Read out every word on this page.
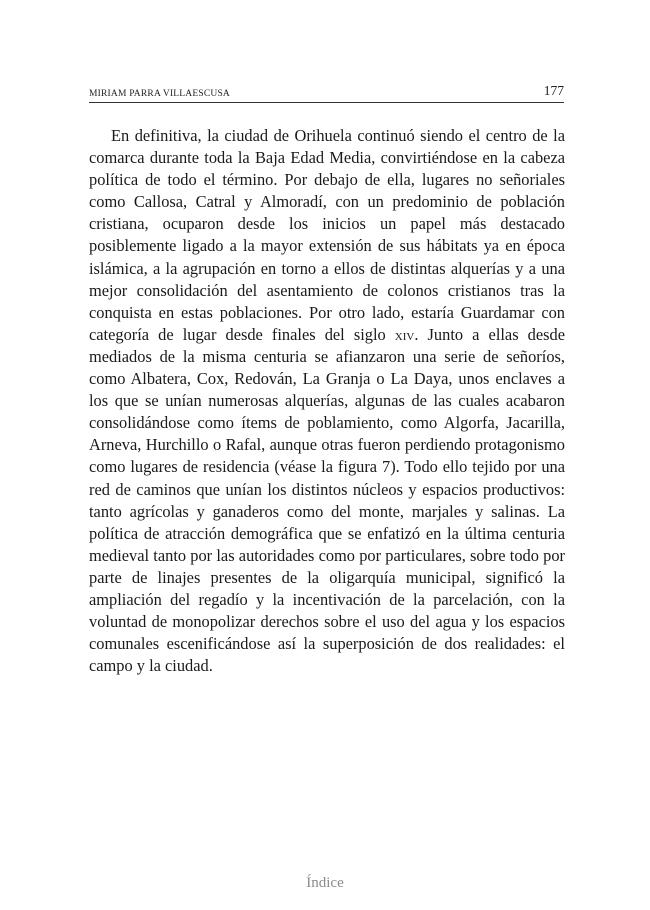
MIRIAM PARRA VILLAESCUSA	177

En definitiva, la ciudad de Orihuela continuó siendo el centro de la comarca durante toda la Baja Edad Media, convirtiéndose en la cabeza política de todo el término. Por debajo de ella, lugares no señoriales como Callosa, Catral y Almoradí, con un predominio de población cristiana, ocuparon desde los inicios un papel más destacado posiblemente ligado a la mayor extensión de sus hábitats ya en época islámica, a la agrupación en torno a ellos de distintas alquerías y a una mejor consolidación del asentamiento de colonos cristianos tras la conquista en estas poblaciones. Por otro lado, estaría Guardamar con categoría de lugar desde finales del siglo xiv. Junto a ellas desde mediados de la misma centuria se afianzaron una serie de señoríos, como Albatera, Cox, Redován, La Granja o La Daya, unos enclaves a los que se unían numerosas alquerías, algunas de las cuales acabaron consolidándose como ítems de poblamiento, como Algorfa, Jacarilla, Arneva, Hurchillo o Rafal, aunque otras fueron perdiendo protagonismo como lugares de residencia (véase la figura 7). Todo ello tejido por una red de caminos que unían los distintos núcleos y espacios productivos: tanto agrícolas y ganaderos como del monte, marjales y salinas. La política de atracción demográfica que se enfatizó en la última centuria medieval tanto por las autoridades como por particulares, sobre todo por parte de linajes presentes de la oligarquía municipal, significó la ampliación del regadío y la incentivación de la parcelación, con la voluntad de monopolizar derechos sobre el uso del agua y los espacios comunales escenificándose así la superposición de dos realidades: el campo y la ciudad.

Índice
